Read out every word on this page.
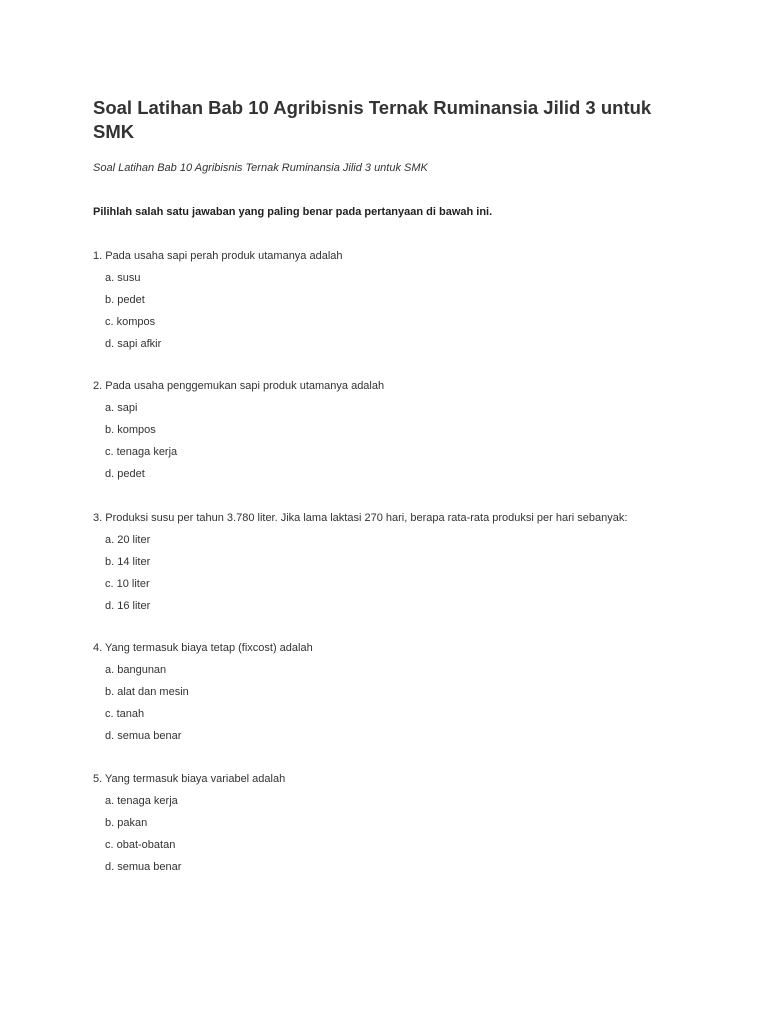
Soal Latihan Bab 10 Agribisnis Ternak Ruminansia Jilid 3 untuk SMK

Soal Latihan Bab 10 Agribisnis Ternak Ruminansia Jilid 3 untuk SMK

Pilihlah salah satu jawaban yang paling benar pada pertanyaan di bawah ini.

1. Pada usaha sapi perah produk utamanya adalah
a. susu
b. pedet
c. kompos
d. sapi afkir
2. Pada usaha penggemukan sapi produk utamanya adalah
a. sapi
b. kompos
c. tenaga kerja
d. pedet
3. Produksi susu per tahun 3.780 liter. Jika lama laktasi 270 hari, berapa rata-rata produksi per hari sebanyak:
a. 20 liter
b. 14 liter
c. 10 liter
d. 16 liter
4. Yang termasuk biaya tetap (fixcost) adalah
a. bangunan
b. alat dan mesin
c. tanah
d. semua benar
5. Yang termasuk biaya variabel adalah
a. tenaga kerja
b. pakan
c. obat-obatan
d. semua benar
